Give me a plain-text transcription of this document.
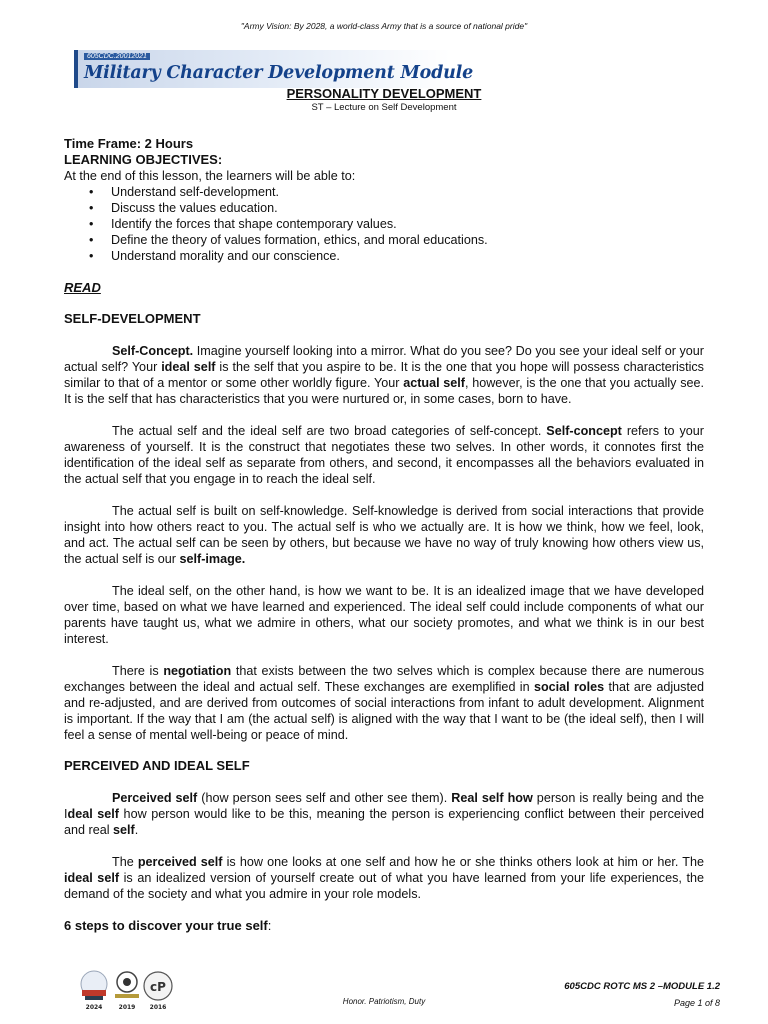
"Army Vision: By 2028, a world-class Army that is a source of national pride"
605CDC.20012021
Military Character Development Module
PERSONALITY DEVELOPMENT
ST – Lecture on Self Development

Time Frame: 2 Hours

LEARNING OBJECTIVES:

At the end of this lesson, the learners will be able to:

• Understand self-development.
• Discuss the values education.
• Identify the forces that shape contemporary values.
• Define the theory of values formation, ethics, and moral educations.
• Understand morality and our conscience.

READ

SELF-DEVELOPMENT

Self-Concept. Imagine yourself looking into a mirror. What do you see? Do you see your ideal self or your actual self? Your ideal self is the self that you aspire to be. It is the one that you hope will possess characteristics similar to that of a mentor or some other worldly figure. Your actual self, however, is the one that you actually see. It is the self that has characteristics that you were nurtured or, in some cases, born to have.

The actual self and the ideal self are two broad categories of self-concept. Self-concept refers to your awareness of yourself. It is the construct that negotiates these two selves. In other words, it connotes first the identification of the ideal self as separate from others, and second, it encompasses all the behaviors evaluated in the actual self that you engage in to reach the ideal self.

The actual self is built on self-knowledge. Self-knowledge is derived from social interactions that provide insight into how others react to you. The actual self is who we actually are. It is how we think, how we feel, look, and act. The actual self can be seen by others, but because we have no way of truly knowing how others view us, the actual self is our self-image.

The ideal self, on the other hand, is how we want to be. It is an idealized image that we have developed over time, based on what we have learned and experienced. The ideal self could include components of what our parents have taught us, what we admire in others, what our society promotes, and what we think is in our best interest.

There is negotiation that exists between the two selves which is complex because there are numerous exchanges between the ideal and actual self. These exchanges are exemplified in social roles that are adjusted and re-adjusted, and are derived from outcomes of social interactions from infant to adult development. Alignment is important. If the way that I am (the actual self) is aligned with the way that I want to be (the ideal self), then I will feel a sense of mental well-being or peace of mind.

PERCEIVED AND IDEAL SELF

Perceived self (how person sees self and other see them). Real self how person is really being and the Ideal self how person would like to be this, meaning the person is experiencing conflict between their perceived and real self.

The perceived self is how one looks at one self and how he or she thinks others look at him or her. The ideal self is an idealized version of yourself create out of what you have learned from your life experiences, the demand of the society and what you admire in your role models.

6 steps to discover your true self:

cP
2024	2019 2016
Honor. Patriotism, Duty
605CDC ROTC MS 2 –MODULE 1.2
Page 1 of 8
